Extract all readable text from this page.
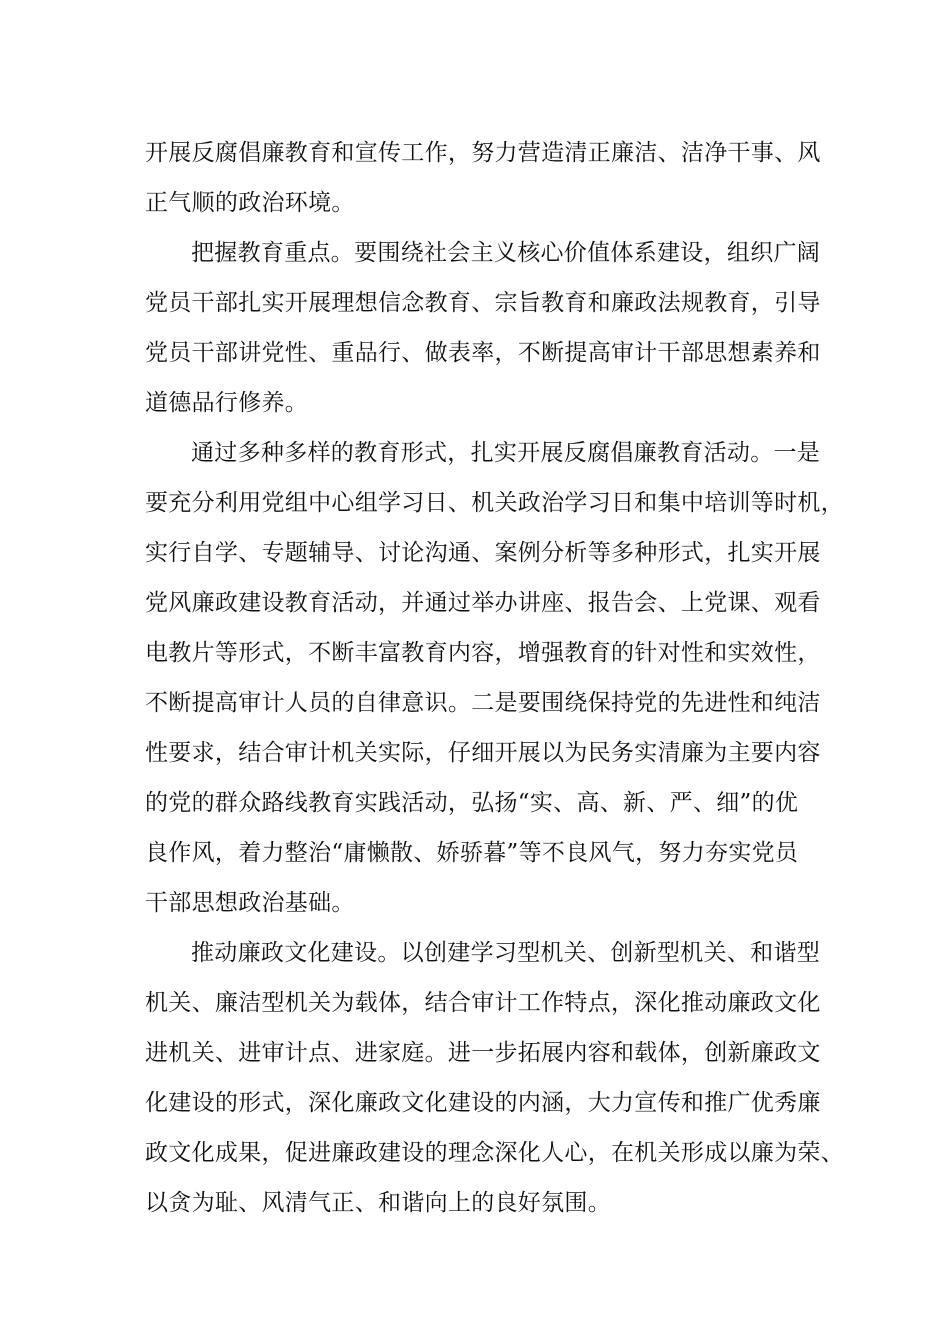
开展反腐倡廉教育和宣传工作，努力营造清正廉洁、洁净干事、风
正气顺的政治环境。
把握教育重点。要围绕社会主义核心价值体系建设，组织广阔
党员干部扎实开展理想信念教育、宗旨教育和廉政法规教育，引导
党员干部讲党性、重品行、做表率，不断提高审计干部思想素养和
道德品行修养。
通过多种多样的教育形式，扎实开展反腐倡廉教育活动。一是
要充分利用党组中心组学习日、机关政治学习日和集中培训等时机，
实行自学、专题辅导、讨论沟通、案例分析等多种形式，扎实开展
党风廉政建设教育活动，并通过举办讲座、报告会、上党课、观看
电教片等形式，不断丰富教育内容，增强教育的针对性和实效性，
不断提高审计人员的自律意识。二是要围绕保持党的先进性和纯洁
性要求，结合审计机关实际，仔细开展以为民务实清廉为主要内容
的党的群众路线教育实践活动，弘扬“实、高、新、严、细”的优
良作风，着力整治“庸懒散、娇骄暮”等不良风气，努力夯实党员
干部思想政治基础。
推动廉政文化建设。以创建学习型机关、创新型机关、和谐型
机关、廉洁型机关为载体，结合审计工作特点，深化推动廉政文化
进机关、进审计点、进家庭。进一步拓展内容和载体，创新廉政文
化建设的形式，深化廉政文化建设的内涵，大力宣传和推广优秀廉
政文化成果，促进廉政建设的理念深化人心，在机关形成以廉为荣、
以贪为耻、风清气正、和谐向上的良好氛围。
